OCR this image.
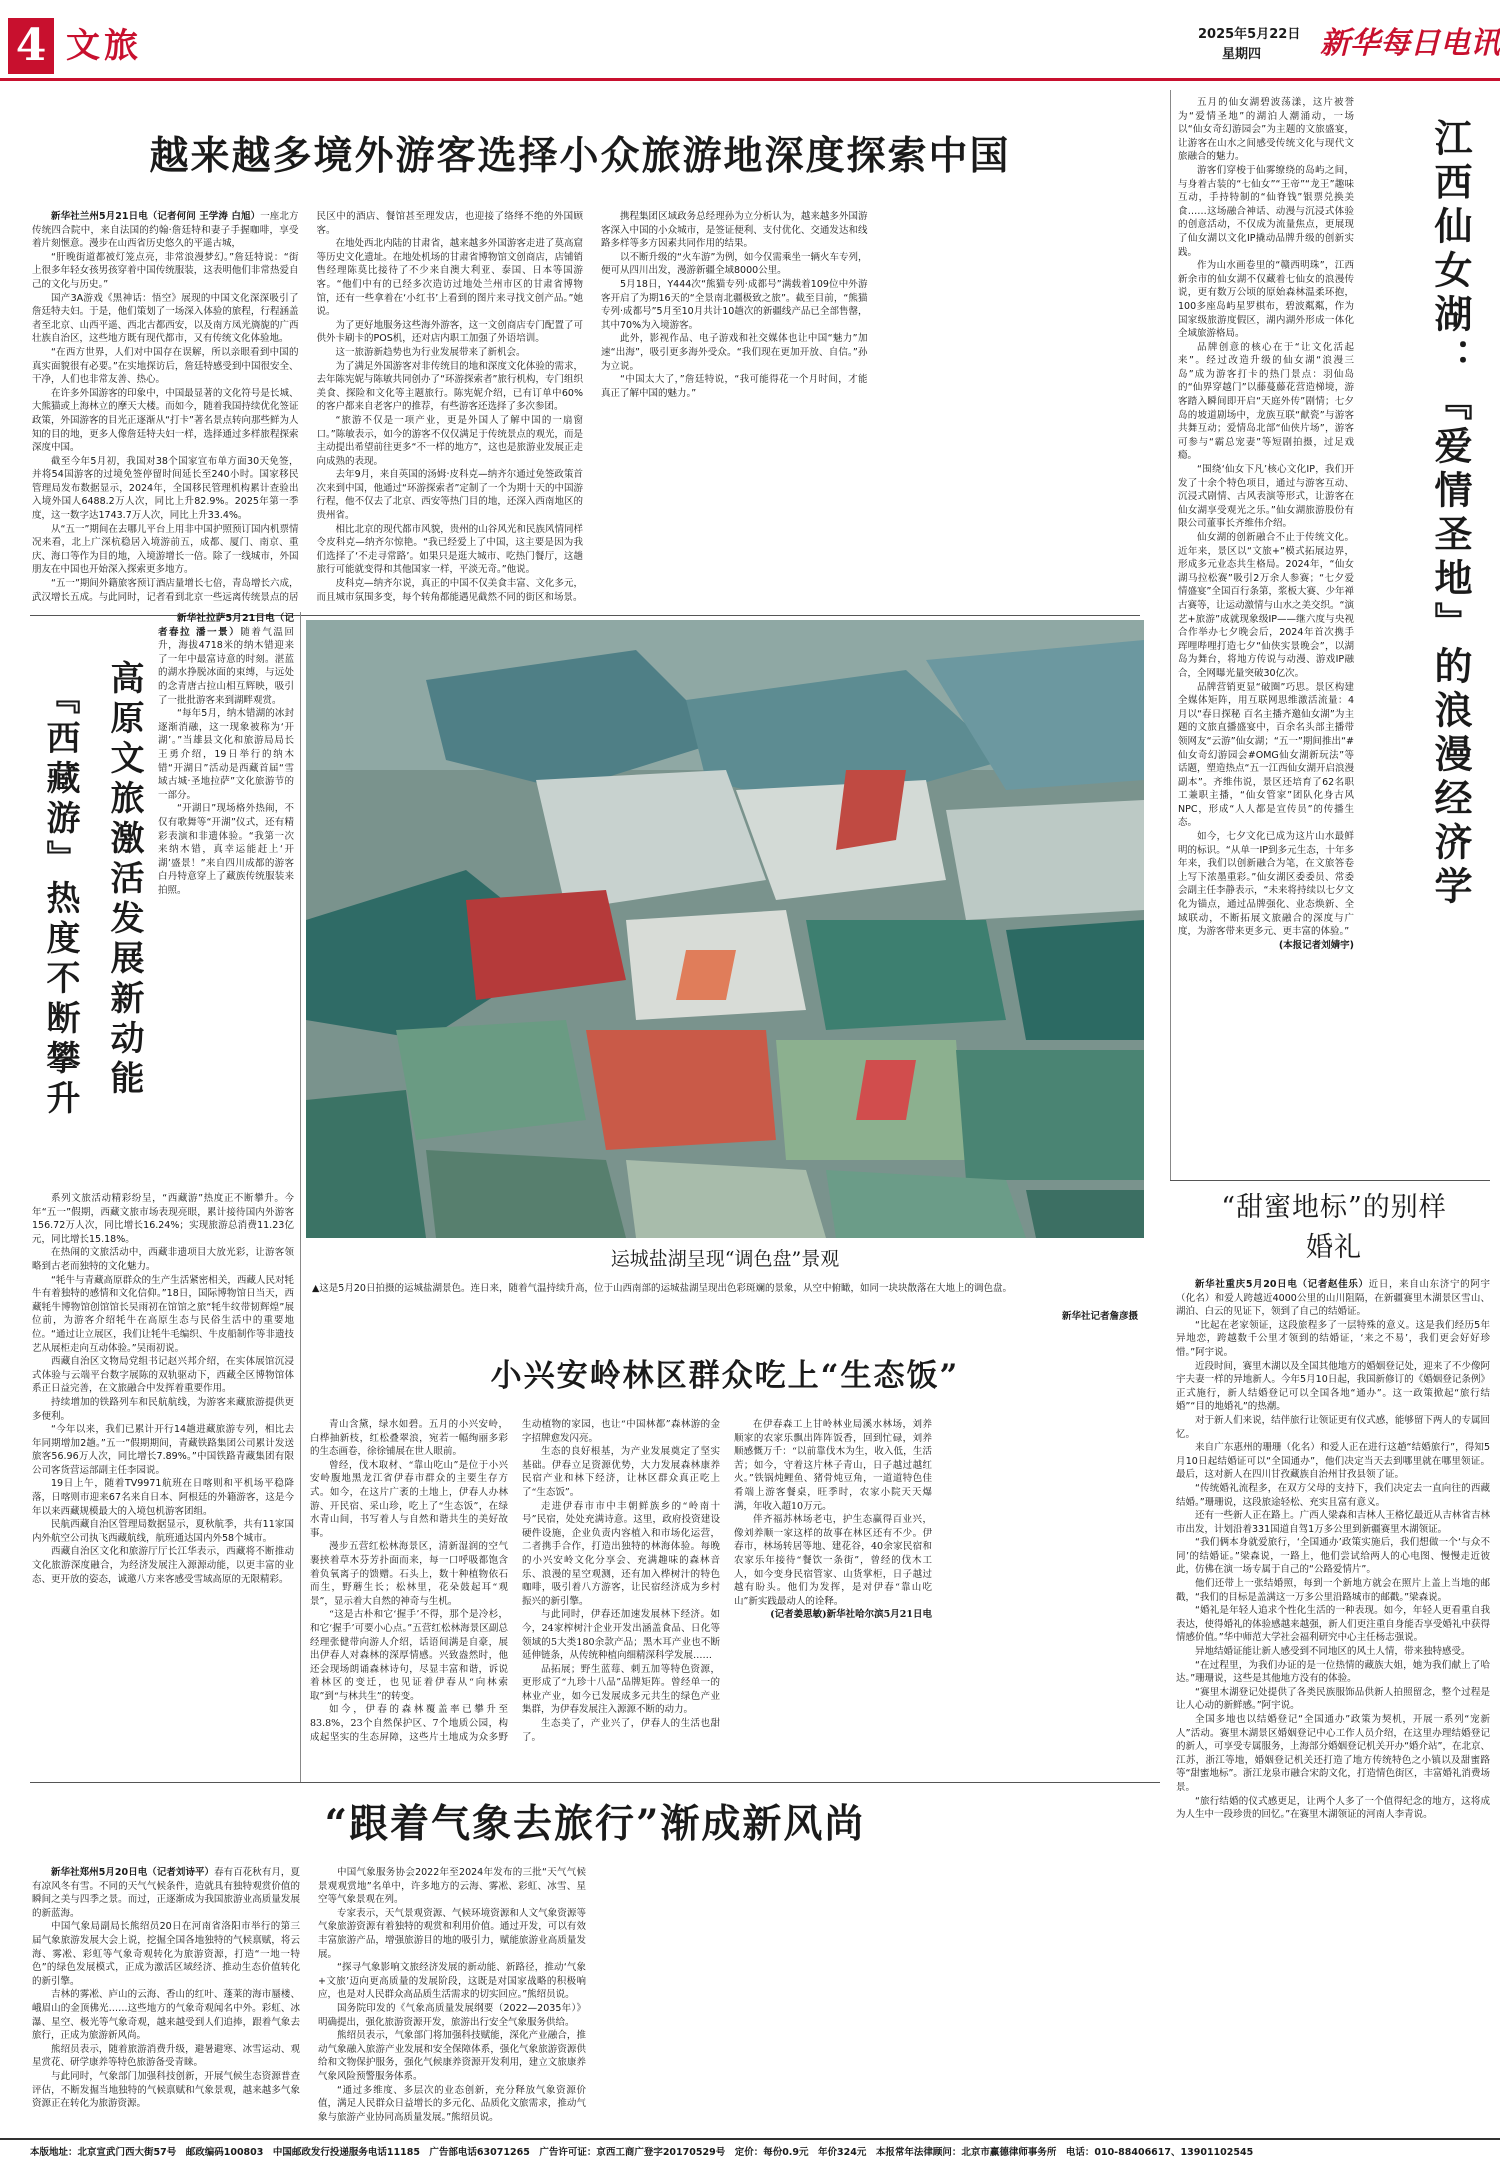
4 文旅	2025年5月22日
星期四 新华每日电讯
越来越多境外游客选择小众旅游地深度探索中国

新华社兰州5月21日电（记者何问 王学涛 白旭）一座北方传统四合院中，来自法国的约翰·詹廷特和妻子手握咖啡，享受着片刻惬意。漫步在山西省历史悠久的平遥古城，

“肝晚街道都被灯笼点亮，非常浪漫梦幻。”詹廷特说：“街上很多年轻女孩男孩穿着中国传统服装，这表明他们非常热爱自己的文化与历史。”

国产3A游戏《黑神话：悟空》展现的中国文化深深吸引了詹廷特夫妇。于是，他们策划了一场深入体验的旅程，行程涵盖者至北京、山西平遥、西北古都西安，以及南方凤光旖旎的广西壮族自治区，这些地方既有现代都市，又有传统文化体验地。

“在西方世界，人们对中国存在误解，所以亲眼看到中国的真实面貌很有必要。”在实地探访后，詹廷特感受到中国很安全、干净，人们也非常友善、热心。

在许多外国游客的印象中，中国最显著的文化符号是长城、大熊猫或上海林立的摩天大楼。而如今，随着我国持续优化签证政策，外国游客的目光正逐渐从“打卡”著名景点转向那些鲜为人知的目的地，更多人像詹廷特夫妇一样，选择通过多样旅程探索深度中国。

截至今年5月初，我国对38个国家宣布单方面30天免签，并将54国游客的过境免签停留时间延长至240小时。国家移民管理局发布数据显示，2024年，全国移民管理机构累计查验出入境外国人6488.2万人次，同比上升82.9%。2025年第一季度，这一数字达1743.7万人次，同比上升33.4%。

从“五一”期间在去哪儿平台上用非中国护照预订国内机票情况来看，北上广深杭稳居入境游前五，成都、厦门、南京、重庆、海口等作为目的地，入境游增长一倍。除了一线城市，外国朋友在中国也开始深入探索更多地方。

“五一”期间外籍旅客预订酒店量增长七倍，青岛增长六成，武汉增长五成。与此同时，记者看到北京一些远离传统景点的居民区中的酒店、餐馆甚至理发店，也迎接了络绎不绝的外国顾客。

在地处西北内陆的甘肃省，越来越多外国游客走进了莫高窟等历史文化遗址。在地处机场的甘肃省博物馆文创商店，店铺销售经理陈莫比接待了不少来自澳大利亚、泰国、日本等国游客。“他们中有的已经多次造访过地处兰州市区的甘肃省博物馆，还有一些拿着在‘小红书’上看到的图片来寻找文创产品。”她说。

为了更好地服务这些海外游客，这一文创商店专门配置了可供外卡刷卡的POS机，还对店内职工加强了外语培训。

这一旅游新趋势也为行业发展带来了新机会。

为了满足外国游客对非传统目的地和深度文化体验的需求，去年陈宪妮与陈敏共同创办了“环游探索者”旅行机构，专门组织美食、探险和文化等主题旅行。陈宪妮介绍，已有订单中60%的客户都来自老客户的推荐，有些游客还选择了多次参团。

“旅游不仅是一项产业，更是外国人了解中国的一扇窗口。”陈敏表示，如今的游客不仅仅满足于传统景点的观光，而是主动提出希望前往更多“不一样的地方”，这也是旅游业发展正走向成熟的表现。

去年9月，来自英国的汤姆·皮科克—纳齐尔通过免签政策首次来到中国，他通过“环游探索者”定制了一个为期十天的中国游行程，他不仅去了北京、西安等热门目的地，还深入西南地区的贵州省。

相比北京的现代都市风貌，贵州的山谷风光和民族风情同样令皮科克—纳齐尔惊艳。“我已经爱上了中国，这主要是因为我们选择了‘不走寻常路’。如果只是逛大城市、吃热门餐厅，这趟旅行可能就变得和其他国家一样，平淡无奇。”他说。

皮科克—纳齐尔说，真正的中国不仅美食丰富、文化多元，而且城市氛围多变，每个转角都能遇见截然不同的街区和场景。

携程集团区域政务总经理孙为立分析认为，越来越多外国游客深入中国的小众城市，是签证便利、支付优化、交通发达和线路多样等多方因素共同作用的结果。

以不断升级的“火车游”为例，如今仅需乘坐一辆火车专列，便可从四川出发，漫游新疆全域8000公里。

5月18日，Y444次“熊猫专列·成都号”满载着109位中外游客开启了为期16天的“全景南北疆极致之旅”。截至目前，“熊猫专列·成都号”5月至10月共计10趟次的新疆线产品已全部售罄，其中70%为入境游客。

此外，影视作品、电子游戏和社交媒体也让中国“魅力”加速“出海”，吸引更多海外受众。“我们现在更加开放、自信。”孙为立说。

“中国太大了，”詹廷特说，“我可能得花一个月时间，才能真正了解中国的魅力。”

五月的仙女湖碧波荡漾，这片被誉为“爱情圣地”的湖泊人潮涌动，一场以“仙女奇幻游园会”为主题的文旅盛宴，让游客在山水之间感受传统文化与现代文旅融合的魅力。

游客们穿梭于仙雾缭绕的岛屿之间，与身着古装的“七仙女”“王帝”“龙王”趣味互动，手持特制的“仙脊钱”银票兑换美食……这场融合神话、动漫与沉浸式体验的创意活动，不仅成为流量焦点，更展现了仙女湖以文化IP撬动品牌升级的创新实践。

作为山水画卷里的“赣西明珠”，江西新余市的仙女湖不仅藏着七仙女的浪漫传说，更有数万公顷的原始森林温柔环抱，100多座岛屿星罗棋布，碧波粼粼，作为国家级旅游度假区，湖内湖外形成一体化全域旅游格局。

品牌创意的核心在于“让文化活起来”。经过改造升级的仙女湖“浪漫三岛”成为游客打卡的热门景点：羽仙岛的“仙界穿越门”以藤蔓藤花营造梯境，游客踏入瞬间即开启“天庭外传”剧情；七夕岛的坡道剧场中，龙族互联“献瓷”与游客共舞互动；爱情岛北部“仙侠片场”，游客可参与“霸总宠妻”等短剧拍摄，过足戏瘾。

“围绕‘仙女下凡’核心文化IP，我们开发了十余个特色项目，通过与游客互动、沉浸式剧情、古风表演等形式，让游客在仙女湖享受观光之乐。”仙女湖旅游股份有限公司董事长齐维伟介绍。

仙女湖的创新融合不止于传统文化。近年来，景区以“文旅+”模式拓展边界，形成多元业态共生格局。2024年，“仙女湖马拉松赛”吸引2万余人参赛；“七夕爱情盛宴”全国百行条第，浆板大赛、少年禅古赛等，让运动激情与山水之美交织。“演艺+旅游”成就现象级IP——继六度与央视合作举办七夕晚会后，2024年首次携手珲哩哔哩打造七夕“仙侠实景晚会”，以湖岛为舞台，将地方传说与动漫、游戏IP融合，全网曝光量突破30亿次。

品牌营销更显“破圈”巧思。景区构建全媒体矩阵，用互联网思维激活流量：4月以“春日探秘 百名主播齐邀仙女湖”为主题的文旅直播盛宴中，百余名头部主播带领网友“云游”仙女湖；“五一”期间推出“#仙女奇幻游园会#OMG仙女湖新玩法”等话题，塑造热点“五一江西仙女湖开启浪漫副本”。齐维伟说，景区还培育了62名职工兼职主播，“仙女管家”团队化身古风NPC，形成“人人都是宣传员”的传播生态。

如今，七夕文化已成为这片山水最鲜明的标识。“从单一IP到多元生态，十年多年来，我们以创新融合为笔，在文旅答卷上写下浓墨重彩。”仙女湖区委委员、常委会副主任李静表示，“未来将持续以七夕文化为锚点，通过品牌强化、业态焕新、全域联动，不断拓展文旅融合的深度与广度，为游客带来更多元、更丰富的体验。”

(本报记者刘婧宇)

江西仙女湖：『爱情圣地』的浪漫经济学
『西藏游』热度不断攀升 高原文旅激活发展新动能

新华社拉萨5月21日电（记者春拉 潘一景）随着气温回升，海拔4718米的纳木错迎来了一年中最富诗意的时刻。湛蓝的湖水挣脱冰面的束缚，与远处的念青唐古拉山相互辉映，吸引了一批批游客来到湖畔观赏。

“每年5月，纳木错湖的冰封逐渐消融，这一现象被称为‘开湖’。”当雄县文化和旅游局局长王勇介绍，19日举行的纳木错“开湖日”活动是西藏首届“雪域古城·圣地拉萨”文化旅游节的一部分。

“开湖日”现场格外热闹，不仅有歌舞等“开湖”仪式，还有精彩表演和非遗体验。“我第一次来纳木错，真幸运能赶上‘开湖’盛景！”来自四川成都的游客白丹特意穿上了藏族传统服装来拍照。

系列文旅活动精彩纷呈，“西藏游”热度正不断攀升。今年“五一”假期，西藏文旅市场表现亮眼，累计接待国内外游客156.72万人次，同比增长16.24%；实现旅游总消费11.23亿元，同比增长15.18%。

在热闹的文旅活动中，西藏非遗项目大放光彩，让游客领略到古老而独特的文化魅力。

“牦牛与青藏高原群众的生产生活紧密相关，西藏人民对牦牛有着独特的感情和文化信仰。”18日，国际博物馆日当天，西藏牦牛博物馆创馆馆长吴雨初在馆馆之旅“牦牛纹带韧辉煌”展位前，为游客介绍牦牛在高原生态与民俗生活中的重要地位。“通过让立展区，我们让牦牛毛编织、牛皮船制作等非遗技艺从展柜走向互动体验。”吴雨初说。

西藏自治区文物局党组书记赵兴邦介绍，在实体展馆沉浸式体验与云端平台数字展陈的双轨驱动下，西藏全区博物馆体系正日益完善，在文旅融合中发挥着重要作用。

持续增加的铁路列车和民航航线，为游客来藏旅游提供更多便利。

“今年以来，我们已累计开行14趟进藏旅游专列，相比去年同期增加2趟。”五一”假期期间，青藏铁路集团公司累计发送旅客56.96万人次，同比增长7.89%。”中国铁路青藏集团有限公司客货营运部副主任李园说。

19日上午，随着TV9971航班在日喀则和平机场平稳降落，日喀则市迎来67名来自日本、阿根廷的外籍游客，这是今年以来西藏规模最大的入境包机游客团组。

民航西藏自治区管理局数据显示，夏秋航季，共有11家国内外航空公司执飞西藏航线，航班通达国内外58个城市。

西藏自治区文化和旅游厅厅长江华表示，西藏将不断推动文化旅游深度融合，为经济发展注入源源动能，以更丰富的业态、更开放的姿态，诚邀八方来客感受雪域高原的无限精彩。

运城盐湖呈现“调色盘”景观
▲这是5月20日拍摄的运城盐湖景色。连日来，随着气温持续升高，位于山西南部的运城盐湖呈现出色彩斑斓的景象，从空中俯瞰，如同一块块散落在大地上的调色盘。
新华社记者詹彦摄
小兴安岭林区群众吃上“生态饭”

青山含黛，绿水如碧。五月的小兴安岭，白桦抽新枝，红松叠翠浪，宛若一幅绚丽多彩的生态画卷，徐徐铺展在世人眼前。

曾经，伐木取材、“靠山吃山”是位于小兴安岭腹地黑龙江省伊春市群众的主要生存方式。如今，在这片广袤的土地上，伊春人办林游、开民宿、采山珍，吃上了“生态饭”，在绿水青山间，书写着人与自然和谐共生的美好故事。

漫步五营红松林海景区，清新湿润的空气裹挟着草木芬芳扑面而来，每一口呼吸都饱含着负氧离子的馈赠。石头上，数十种植物依石而生，野蘑生长；松林里，花朵鼓起耳“观景”，显示着大自然的神奇与生机。

“这是古朴和它‘握手’不得，那个是冷杉，和它‘握手’可要小心点。”五营红松林海景区副总经理张健带向游人介绍，话语间满是自豪，展出伊春人对森林的深厚情感。兴致盎然时，他还会现场朗诵森林诗句，尽显丰富和谐，诉说着林区的变迁，也见证着伊春从“向林索取”到“与林共生”的转变。

如今，伊春的森林覆盖率已攀升至83.8%，23个自然保护区、7个地质公园，构成起坚实的生态屏障，这些片土地成为众多野生动植物的家园，也让“中国林都”森林游的金字招牌愈发闪亮。

生态的良好根基，为产业发展奠定了坚实基础。伊春立足资源优势，大力发展森林康养民宿产业和林下经济，让林区群众真正吃上了“生态饭”。

走进伊春市市中丰朝鲜族乡的“岭南十号”民宿，处处充满诗意。这里，政府投资建设硬件设施，企业负责内容植入和市场化运营，二者携手合作，打造出独特的林海体验。每晚的小兴安岭文化分享会、充满趣味的森林音乐、浪漫的星空观测，还有加入桦树汁的特色咖啡，吸引着八方游客，让民宿经济成为乡村振兴的新引擎。

与此同时，伊春还加速发展林下经济。如今，24家榨树汁企业开发出涵盖食品、日化等领域的5大类180余款产品；黑木耳产业也不断延伸链条，从传统种植向细精深科学发展……

品拓展；野生蓝莓、刺五加等特色资源，更形成了“九珍十八品”品牌矩阵。曾经单一的林业产业，如今已发展成多元共生的绿色产业集群，为伊春发展注入源源不断的动力。

生态美了，产业兴了，伊春人的生活也甜了。

在伊春森工上甘岭林业局溪水林场，刘养顺家的农家乐飘出阵阵饭香，回到忙碌，刘养顺感慨万千：“以前靠伐木为生，收入低，生活苦；如今，守着这片林子青山，日子越过越红火。”铁锅炖鲤鱼、猪骨炖豆角，一道道特色佳肴端上游客餐桌，旺季时，农家小院天天爆满，年收入超10万元。

伴齐福苏林场老屯，护生态赢得百业兴，像刘养顺一家这样的故事在林区还有不少。伊春市，林场转居等地、建花谷，40余家民宿和农家乐年接待“餐饮一条街”，曾经的伐木工人，如今变身民宿管家、山货掌柜，日子越过越有盼头。他们为发挥，是对伊春“靠山吃山”新实践最动人的诠释。

(记者姜思敏)新华社哈尔滨5月21日电

“甜蜜地标”的别样婚礼

新华社重庆5月20日电（记者赵佳乐）近日，来自山东济宁的阿宇（化名）和爱人跨越近4000公里的山川阻隔，在新疆赛里木湖景区雪山、湖泊、白云的见证下，领到了自己的结婚证。

“比起在老家领证，这段旅程多了一层特殊的意义。这是我们经历5年异地恋，跨越数千公里才领到的结婚证，‘来之不易’，我们更会好好珍惜。”阿宇说。

近段时间，赛里木湖以及全国其他地方的婚姻登记处，迎来了不少像阿宇夫妻一样的异地新人。今年5月10日起，我国新修订的《婚姻登记条例》正式施行，新人结婚登记可以全国各地“通办”。这一政策掀起“旅行结婚”“目的地婚礼”的热潮。

对于新人们来说，结伴旅行让领证更有仪式感，能够留下两人的专属回忆。

来自广东惠州的珊珊（化名）和爱人正在进行这趟“结婚旅行”，得知5月10日起结婚证可以“全国通办”，他们决定当天去到哪里就在哪里领证。最后，这对新人在四川甘孜藏族自治州甘孜县领了证。

“传统婚礼流程多，在双方父母的支持下，我们决定去一直向往的西藏结婚。”珊珊说，这段旅途轻松、充实且富有意义。

还有一些新人正在路上。广西人梁森和吉林人王格忆最近从吉林省吉林市出发，计划沿着331国道自驾1万多公里到新疆赛里木湖领证。

“我们俩本身就爱旅行，‘全国通办’政策实施后，我们想做一个‘与众不同’的结婚证。”梁森说，一路上，他们尝试给两人的心电图、慢慢走近彼此，仿佛在演一场专属于自己的“公路爱情片”。

他们还带上一张结婚照，每到一个新地方就会在照片上盖上当地的邮戳，“我们的目标是盖满这一万多公里沿路城市的邮戳。”梁森说。

“婚礼是年轻人追求个性化生活的一种表现。如今，年轻人更看重自我表达，使得婚礼的体验感越来越强，新人们更注重自身能否享受婚礼中获得情感价值。”华中师范大学社会福利研究中心主任杨志强说。

异地结婚证能让新人感受到不同地区的风土人情，带来独特感受。

“在过程里，为我们办证的是一位热情的藏族大姐，她为我们献上了哈达。”珊珊说，这些是其他地方没有的体验。

“赛里木湖登记处提供了各类民族服饰品供新人拍照留念，整个过程是让人心动的新鲜感。”阿宇说。

全国多地也以结婚登记“全国通办”政策为契机，开展一系列“宠新人”活动。赛里木湖景区婚姻登记中心工作人员介绍，在这里办理结婚登记的新人，可享受专属服务，上海部分婚姻登记机关开办“婚介站”，在北京、江苏，浙江等地，婚姻登记机关还打造了地方传统特色之小镇以及甜蜜路等“甜蜜地标”。浙江龙泉市融合宋韵文化，打造情色街区，丰富婚礼消费场景。

“旅行结婚的仪式感更足，让两个人多了一个值得纪念的地方，这将成为人生中一段珍贵的回忆。”在赛里木湖领证的河南人李青说。

“跟着气象去旅行”渐成新风尚

新华社郑州5月20日电（记者刘诗平）春有百花秋有月，夏有凉风冬有雪。不同的天气气候条件，造就具有独特观赏价值的瞬间之美与四季之景。而过，正逐渐成为我国旅游业高质量发展的新蓝海。

中国气象局副局长熊绍员20日在河南省洛阳市举行的第三届气象旅游发展大会上说，挖掘全国各地独特的气候禀赋，将云海、雾凇、彩虹等气象奇观转化为旅游资源，打造“一地一特色”的绿色发展模式，正成为激活区域经济、推动生态价值转化的新引擎。

吉林的雾凇、庐山的云海、香山的红叶、蓬莱的海市蜃楼、峨眉山的金顶佛光……这些地方的气象奇观闻名中外。彩虹、冰瀑、星空、极光等气象奇观，越来越受到人们追捧，跟着气象去旅行，正成为旅游新风尚。

熊绍员表示，随着旅游消费升级，避暑避寒、冰雪运动、观星赏花、研学康养等特色旅游备受青睐。

与此同时，气象部门加强科技创新，开展气候生态资源普查评估，不断发掘当地独特的气候禀赋和气象景观，越来越多气象资源正在转化为旅游资源。

中国气象服务协会2022年至2024年发布的三批“天气气候景观观赏地”名单中，许多地方的云海、雾凇、彩虹、冰雪、星空等气象景观在列。

专家表示，天气景观资源、气候环境资源和人文气象资源等气象旅游资源有着独特的观赏和利用价值。通过开发，可以有效丰富旅游产品，增强旅游目的地的吸引力，赋能旅游业高质量发展。

“探寻气象影响文旅经济发展的新动能、新路径，推动‘气象+文旅’迈向更高质量的发展阶段，这既是对国家战略的积极响应，也是对人民群众高品质生活需求的切实回应。”熊绍员说。

国务院印发的《气象高质量发展纲要（2022—2035年）》明确提出，强化旅游资源开发，旅游出行安全气象服务供给。

熊绍员表示，气象部门将加强科技赋能，深化产业融合，推动气象融入旅游产业发展和安全保障体系，强化气象旅游资源供给和文物保护服务，强化气候康养资源开发利用，建立文旅康养气象风险预警服务体系。

“通过多维度、多层次的业态创新，充分释放气象资源价值，满足人民群众日益增长的多元化、品质化文旅需求，推动气象与旅游产业协同高质量发展。”熊绍员说。

本版地址：北京宣武门西大街57号　邮政编码100803　中国邮政发行投递服务电话11185　广告部电话63071265　广告许可证：京西工商广登字20170529号　定价：每份0.9元　年价324元　本报常年法律顾问：北京市赢德律师事务所　电话：010-88406617、13901102545
